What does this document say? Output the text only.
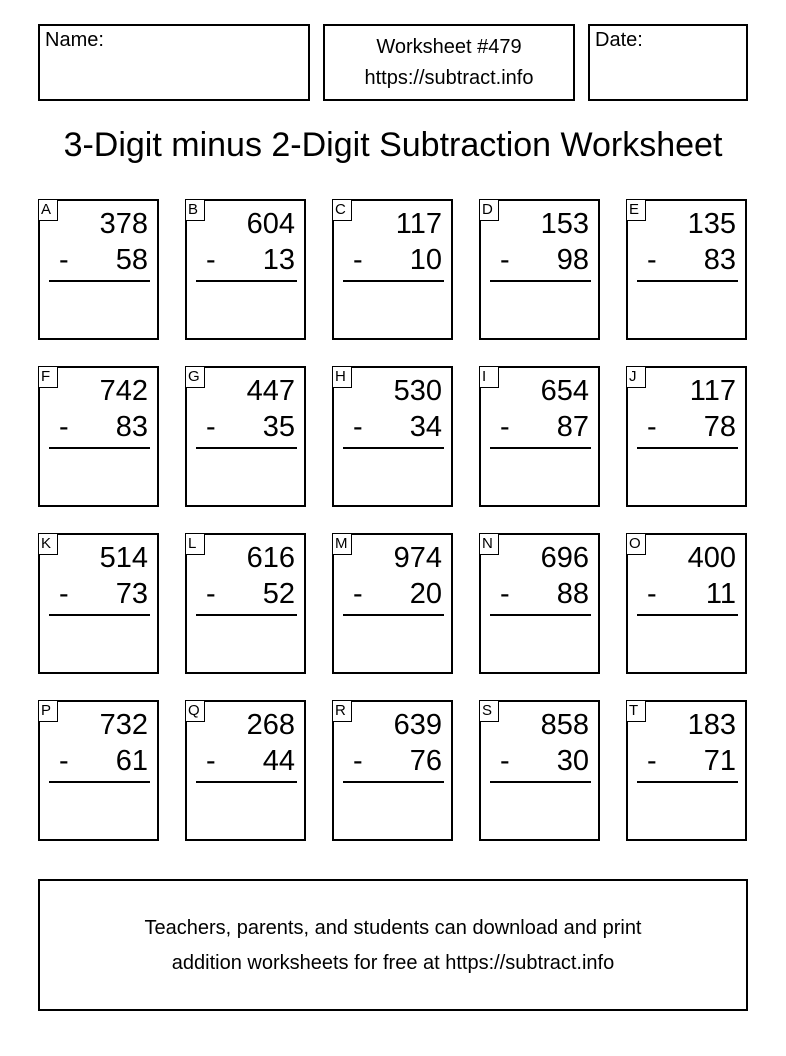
Name:	Worksheet #479
https://subtract.info
Date:
3-Digit minus 2-Digit Subtraction Worksheet
A 378
- 58
B 604
- 13
C 117
- 10
D 153
- 98
E 135
- 83
F 742
- 83
G 447
- 35
H 530
- 34
I	654
- 87
J	117
- 78
K 514
- 73
L 616
- 52
M 974
- 20
N 696
- 88
O 400
- 11
P 732
- 61
Q 268
- 44
R 639
- 76
S 858
- 30
T 183
- 71
Teachers, parents, and students can download and print
addition worksheets for free at https://subtract.info
